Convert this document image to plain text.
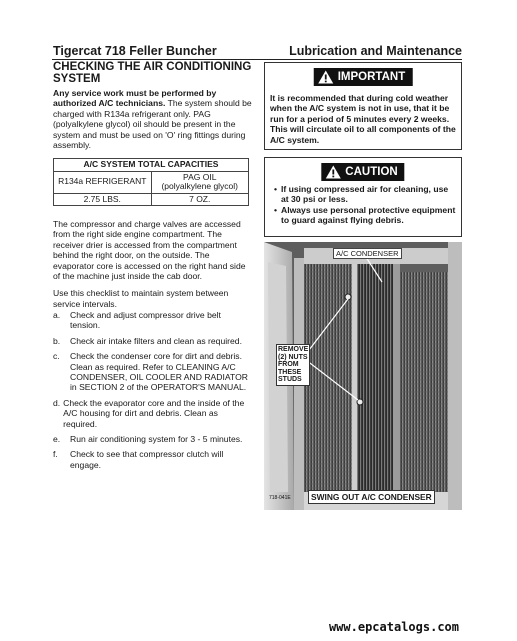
Tigercat 718 Feller Buncher	Lubrication and Maintenance
CHECKING THE AIR CONDITIONING
SYSTEM
Any service work must be performed by authorized A/C technicians. The system should be charged with R134a refrigerant only. PAG (polyalkylene glycol) oil should be present in the system and must be used on 'O' ring fittings during assembly.
A/C SYSTEM TOTAL CAPACITIES	
R134a REFRIGERANT	PAG OIL
(polyalkylene glycol)

2.75 LBS.	7 OZ.

The compressor and charge valves are accessed from the right side engine compartment. The receiver drier is accessed from the compartment behind the right door, on the outside. The evaporator core is accessed on the right hand side of the machine just inside the cab door.

Use this checklist to maintain system between service intervals.

a.	Check and adjust compressor drive belt tension.
b.	Check air intake filters and clean as required.
c.	Check the condenser core for dirt and debris. Clean as required. Refer to CLEANING A/C CONDENSER, OIL COOLER AND RADIATOR in SECTION 2 of the OPERATOR'S MANUAL.
d. Check the evaporator core and the inside of the A/C housing for dirt and debris. Clean as required.
e.	Run air conditioning system for 3 - 5 minutes.
f.	Check to see that compressor clutch will engage.
IMPORTANT
It is recommended that during cold weather when the A/C system is not in use, that it be run for a period of 5 minutes every 2 weeks. This will circulate oil to all components of the A/C system.
CAUTION
• If using compressed air for cleaning, use at 30 psi or less.
• Always use personal protective equipment to guard against flying debris.
A/C CONDENSER
REMOVE
(2) NUTS
FROM
THESE
STUDS
718-041E	SWING OUT A/C CONDENSER
www.epcatalogs.com
